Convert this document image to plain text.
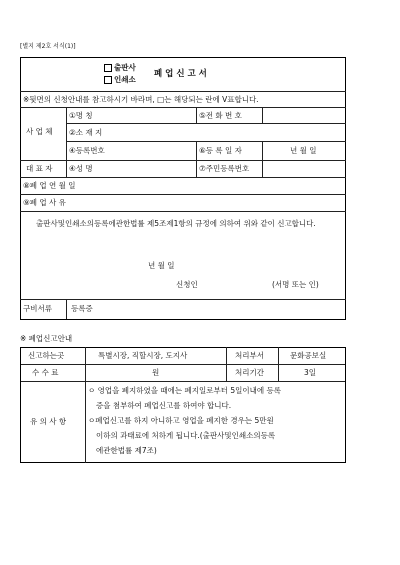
[별지 제2호 서식(1)]
출판사
인쇄소
폐 업 신 고 서
※뒷면의 신청안내를 참고하시기 바라며, □는 해당되는 란에 V표합니다.
사 업 체
①명 칭	⑤전 화 번 호
②소 재 지
④등록번호	⑥등 록 일 자	년 월 일
대 표 자 ④성 명	⑦주민등록번호
⑧폐 업 연 월 일
⑨폐 업 사 유
출판사및인쇄소의등록에관한법률 제5조제1항의 규정에 의하여 위와 같이 신고합니다.
년 월 일
신청인	(서명 또는 인)
구비서류	등록증
※ 폐업신고안내
신고하는곳	특별시장, 직할시장, 도지사	처리부서	문화공보실
수 수 료	원	처리기간	3일
유 의 사 항
ㅇ 영업을 폐지하였을 때에는 폐지일로부터 5일이내에 등록
증을 첨부하여 폐업신고를 하여야 합니다.
ㅇ폐업신고를 하지 아니하고 영업을 폐지한 경우는 5만원
이하의 과태료에 처하게 됩니다.(출판사및인쇄소의등록
에관한법률 제7조)
